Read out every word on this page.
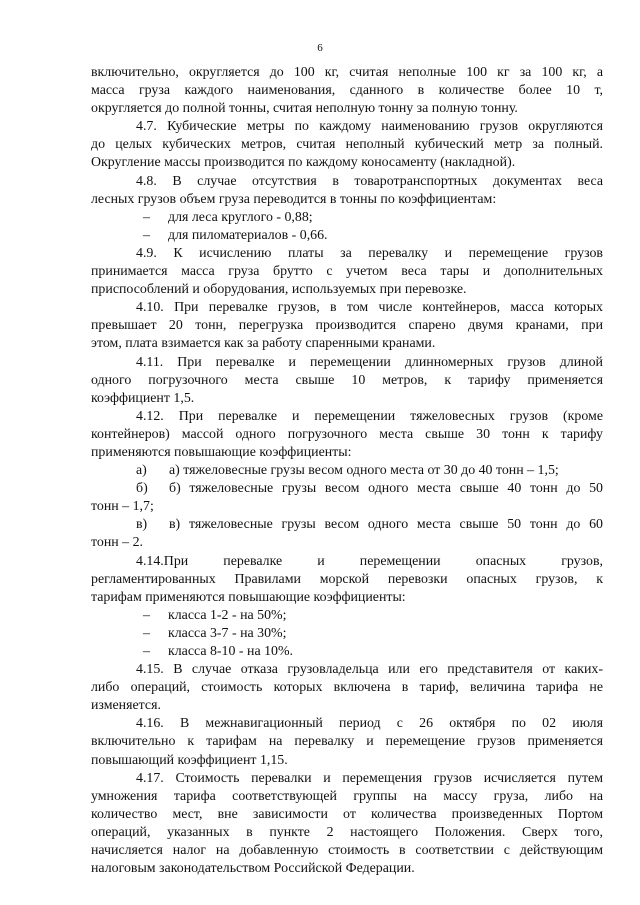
6
включительно, округляется до 100 кг, считая неполные 100 кг за 100 кг, а
масса груза каждого наименования, сданного в количестве более 10 т,
округляется до полной тонны, считая неполную тонну за полную тонну.
4.7. Кубические метры по каждому наименованию грузов округляются
до целых кубических метров, считая неполный кубический метр за полный.
Округление массы производится по каждому коносаменту (накладной).
4.8. В случае отсутствия в товаротранспортных документах веса
лесных грузов объем груза переводится в тонны по коэффициентам:
– для леса круглого - 0,88;
– для пиломатериалов - 0,66.
4.9. К исчислению платы за перевалку и перемещение грузов
принимается масса груза брутто с учетом веса тары и дополнительных
приспособлений и оборудования, используемых при перевозке.
4.10. При перевалке грузов, в том числе контейнеров, масса которых
превышает 20 тонн, перегрузка производится спарено двумя кранами, при
этом, плата взимается как за работу спаренными кранами.
4.11. При перевалке и перемещении длинномерных грузов длиной
одного погрузочного места свыше 10 метров, к тарифу применяется
коэффициент 1,5.
4.12. При перевалке и перемещении тяжеловесных грузов (кроме
контейнеров) массой одного погрузочного места свыше 30 тонн к тарифу
применяются повышающие коэффициенты:
а) а) тяжеловесные грузы весом одного места от 30 до 40 тонн – 1,5;
б) б) тяжеловесные грузы весом одного места свыше 40 тонн до 50
тонн – 1,7;
в) в) тяжеловесные грузы весом одного места свыше 50 тонн до 60
тонн – 2.
4.14.При перевалке и перемещении опасных грузов,
регламентированных Правилами морской перевозки опасных грузов, к
тарифам применяются повышающие коэффициенты:
– класса 1-2 - на 50%;
– класса 3-7 - на 30%;
– класса 8-10 - на 10%.
4.15. В случае отказа грузовладельца или его представителя от каких-
либо операций, стоимость которых включена в тариф, величина тарифа не
изменяется.
4.16. В межнавигационный период с 26 октября по 02 июля
включительно к тарифам на перевалку и перемещение грузов применяется
повышающий коэффициент 1,15.
4.17. Стоимость перевалки и перемещения грузов исчисляется путем
умножения тарифа соответствующей группы на массу груза, либо на
количество мест, вне зависимости от количества произведенных Портом
операций, указанных в пункте 2 настоящего Положения. Сверх того,
начисляется налог на добавленную стоимость в соответствии с действующим
налоговым законодательством Российской Федерации.
